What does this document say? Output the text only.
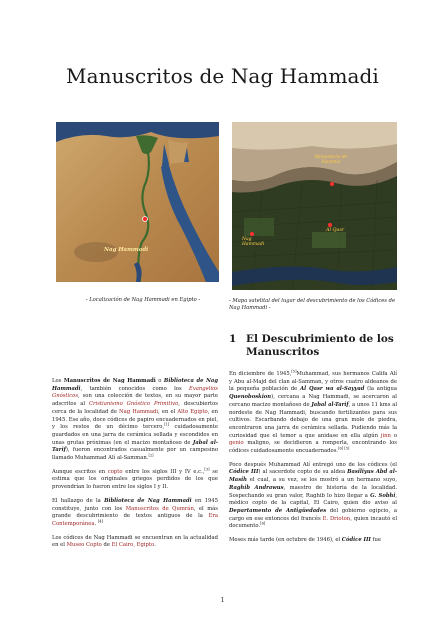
Manuscritos de Nag Hammadi
Nag Hammadi
Monasterio de Pacomio
Nag Hammadi
Al Qasr
- Localización de Nag Hammadi en Egipto -	- Mapa satelital del lugar del descubrimiento de los Códices de Nag Hammadi -
1 El Descubrimiento de los Manuscritos

Los Manuscritos de Nag Hammadi o Biblioteca de Nag Hammadi, también conocidos como los Evangelios Gnósticos, son una colección de textos, en su mayor parte adscritos al Cristianismo Gnóstico Primitivo, descubiertos cerca de la localidad de Nag Hammadi, en el Alto Egipto, en 1945. Ese año, doce códices de papiro encuadernados en piel, y los restos de un décimo tercero,[1] cuidadosamente guardados en una jarra de cerámica sellada y escondidos en unas grutas próximas (en el macizo montañoso de Jabal al-Tarif), fueron encontrados casualmente por un campesino llamado Muhammad Alí al-Samman.[2]

Aunque escritos en copto entre los siglos III y IV e.c.,[3] se estima que los originales griegos perdidos de los que provendrían lo fueron entre los siglos I y II.

El hallazgo de la Biblioteca de Nag Hammadi en 1945 constituye, junto con los Manuscritos de Qumrán, el más grande descubrimiento de textos antiguos de la Era Contemporánea. [4]

Los códices de Nag Hammadi se encuentran en la actualidad en el Museo Copto de El Cairo, Egipto.

En diciembre de 1945,[5]Muhammad, sus hermanos Califa Alí y Abu al-Majd del clan al-Samman, y otros cuatro aldeanos de la pequeña población de Al Qasr wa al-Sayyad (la antigua Quenoboskion), cercana a Nag Hammadi, se acercaron al cercano macizo montañoso de Jabal al-Tarif, a unos 11 kms al nordeste de Nag Hammadi, buscando fertilizantes para sus cultivos. Escarbando debajo de una gran mole de piedra, encontraron una jarra de cerámica sellada. Pudiendo más la curiosidad que el temor a que anidase en ella algún jinn o genio maligno, se decidieron a romperla, encontrando los códices cuidadosamente encuadernados.[6] [5]

Poco después Muhammad Alí entregó uno de los códices (el Códice III) al sacerdote copto de su aldea Basiliyus Abd al-Masih el cual, a su vez, se los mostró a un hermano suyo, Raghib Andrawus, maestro de historia de la localidad. Sospechando su gran valor, Raghib lo hizo llegar a G. Sobhi, médico copto de la capital, El Cairo, quien dio aviso al Departamento de Antigüedades del gobierno egipcio, a cargo en ese entonces del francés E. Drioton, quien incautó el documento.[6]

Meses más tarde (en octubre de 1946), el Códice III fue

1
